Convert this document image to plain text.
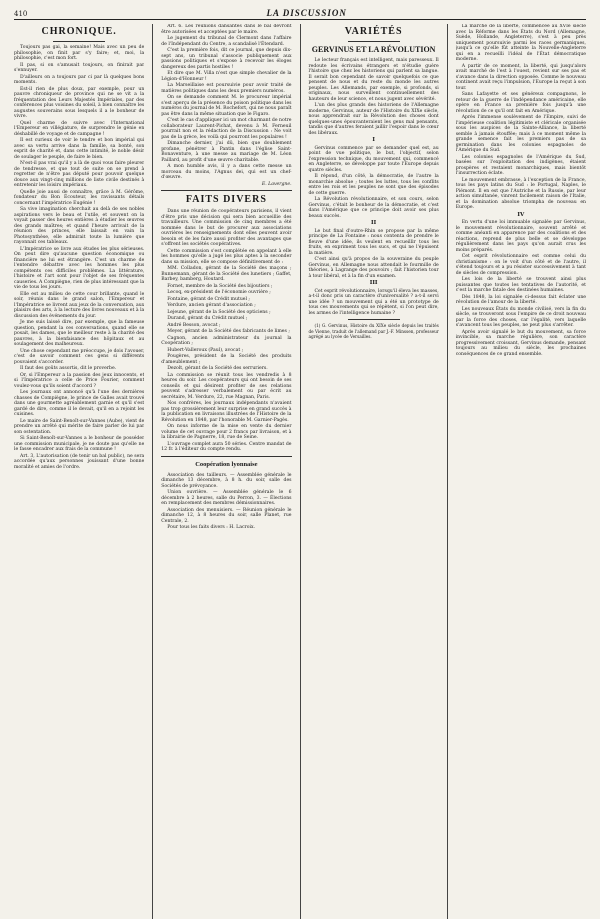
410	LA DISCUSSION
CHRONIQUE.

Toujours pas gai, la semaine! Mais avec un peu de philosophie, on finit par s'y faire; et, moi, la philosophie, c'est mon fort.

Il pas, si on s'amusait toujours, on finirait par s'ennuyer.

D'ailleurs on a toujours par ci par là quelques bons moments.

Est-il rien de plus doux, par exemple, pour un pauvre chroniqueur de province qui ne se vit a la fréquentation des Leurs Majestés Impériales, par des conférences plus voisines du soleil, à bien connaître les augustes souverains sous lesquels il a le bonheur de vivre.

Quel charme de suivre avec l'International l'Empereur en villégiature, de surprendre le génie en déshabillé de voyage et de campagne !

Il est curieux de voir le tendre et bon impérial qui avec sa vertu arrive dans la famille, sa bonté, son esprit de charité et, dans cette intimité, le noble désir de soulager le peuple, de faire le bien.

N'est-il pas vrai qu'il y a là de quoi vous faire pleurer de tendresse, et que tout de suite on se prend à regretter de n'être pas député pour pouvoir quelque douce aux vingt-cinq millions de liste civile destinés à entretenir les loisirs impériaux.

Quelle joie aussi de connaître, grâce à M. Gérôme, fondateur du Bon Écouteur, les ravissants détails concernant l'impératrice Eugénie !

Sa vive imagination cherchait au delà de ses nobles aspirations vers le beau et l'utile, et souvent on la voyait passer des heures entières à étudier les œuvres des grands maîtres; et quand l'heure arrivait de la réunion des princes, elle laissait en vain la Photosynthèse, elle admirait toute la lumière que rayonnait ces tableaux.

L'Impératrice se livre aux études les plus sérieuses. On peut dire qu'aucune question économique ou financière ne lui est étrangère. C'est un charme de l'entendre débattre avec les hommes les plus compétents ces difficiles problèmes. La littérature, l'histoire et l'art sont pour l'objet de ses fréquentes causeries. A Compiègne, rien de plus intéressant que la vie de tous les jours.

Elle est au milieu de cette cour brillante, quand le soir, réunis dans le grand salon, l'Empereur et l'Impératrice se livrent aux jeux de la conversation, aux plaisirs des arts, à la lecture des livres nouveaux et à la discussion des événements du jour.

Je me suis laissé dire, par exemple, que la fameuse question, pendant la ces conversations, quand elle se posait, les dames, que le meilleur reste à la charité des pauvres, à la bienfaisance des hôpitaux et au soulagement des malheureux.

Une chose cependant me préoccupe, je dois l'avouer, c'est de savoir comment ces gens si différents pouvaient s'accorder.

Il faut des goûts assortis, dit le proverbe.

Or, si l'Empereur a la passion des jeux innocents, et si l'Impératrice a celle de Price Fourier, comment voulez-vous qu'ils soient d'accord ?

Les journaux ont annoncé qu'à l'une des dernières chasses de Compiègne, le prince de Galles avait trouvé dans une gourmette agréablement garnie et qu'il s'est gardé de dire, comme il le devait, qu'il en a rejoint les cuisines.

Le maire de Saint-Benoît-sur-Vannes (Aube), vient de prendre un arrêté qui mérite de faire parler de lui par son ostentation.

Si Saint-Benoît-sur-Vannes a le bonheur de posséder une commission municipale, je ne doute pas qu'elle ne le fasse encadrer aux frais de la commune !

Art. 3, L'autorisation (de tenir un bal public), ne sera accordée qu'aux personnes jouissant d'une bonne moralité et amies de l'ordre.

Art. 6. Les réunions dansantes dans le bal devront être autorisées et acceptées par le maire.

Le jugement du tribunal de Clermont dans l'affaire de l'Indépendant du Centre, a scandalisé l'Étendard.

C'est la première fois, dit ce journal, que depuis dix-sept ans, un tribunal s'associe publiquement aux passions politiques et s'expose à recevoir les éloges dangereux des partis hostiles !

Et dire que M. Villa n'est que simple chevalier de la Légion-d'Honneur !

La Marseillaise est poursuivie pour avoir traité de matières politiques dans les deux premiers numéros.

On se demande comment M. le procureur impérial s'est aperçu de la présence du poison politique dans les numéros du journal de M. Rochefort, qui ne nous paraît pas être dans la même situation que le Figaro.

C'est le cas d'appliquer ici un mot charmant de notre collaborateur Laurent-Pichat, devenu à M. Ferneuil pourrait non et la rédaction de la Discussion : Ne voit pas de la grèce, les voilà qui pourront les populaires !

Dimanche dernier, j'ai dû, bien que doublement profane, pénétrer à Pantin dans l'église Saint-Bonaventure, à une messe au mariage de M. Léon Paillard, au profit d'une œuvre charitable.

A mon humble avis, il y a dans cette messe un morceau du moins, l'Agnus dei, qui est un chef-d'œuvre.

E. Lavergne.
FAITS DIVERS

Dans une réunion de coopérateurs parisiens, il vient d'être pris une décision qui sera bien accueillie des travailleurs. Une commission de cinq membres a été nommée dans le but de procurer aux associations ouvrières les renseignements dont elles peuvent avoir besoin et de les faire aussi profiter des avantages que s'offrent les sociétés coopératives.

Cette commission s'est complétée en appelant à elle les hommes qu'elle a jugé les plus aptes à la seconder dans sa mission, elle se compose définitivement de :

MM. Colladon, gérant de la Société des maçons ; Bunnemann, gérant de la Société des lunetiers ; Gaffet, Barbey, bamberg, Houtard.

Fornet, membre de la Société des bijoutiers ;

Lecoq, ex-président de l'économie ouvrière ;

Fontaine, gérant de Crédit mutuel ;

Verdure, ancien gérant d'association ;

Lejeune, gérant de la Société des opticiens ;

Durand, gérant du Crédit mutuel ;

André Besson, avocat ;

Meyer, gérant de la Société des fabricants de limes ;

Cagnon, ancien administrateur du journal la Coopération ;

Hubert-Valleroux (Paul), avocat ;

Pougères, président de la Société des produits d'ameublement ;

Dezolt, gérant de la Société des serruriers.

La commission se réunit tous les vendredis à 8 heures du soir. Les coopérateurs qui ont besoin de ses conseils et qui désirent profiter de ses relations peuvent s'adresser verbalement ou par écrit au secrétaire, M. Verdure, 22, rue Magnan, Paris.

Nos confrères, les journaux indépendants n'avaient pas trop grossièrement leur surprise en grand succès à la publication en livraisons illustrées de l'Histoire de la Révolution en 1848, par l'honorable M. Garnier-Pagès.

On nous informe de la mise en vente du dernier volume de cet ouvrage pour 2 francs par livraison, et à la librairie de Pagnerre, 18, rue de Seine.

L'ouvrage complet aura 50 séries. Centre mandat de 12 fr. à l'éditeur du compte rendu.

Coopération lyonnaise

Association des tailleurs. — Assemblée générale le dimanche 13 décembre, à 8 h. du soir, salle des Sociétés de prévoyance.

Union ouvrière. — Assemblée générale le 6 décembre à 2 heures, salle du Perron, 3. — Élections en remplacement des membres démissionnaires.

Association des menuisiers. — Réunion générale le dimanche 12, à 8 heures du soir, salle Planet, rue Centrale, 2.

Pour tous les faits divers : H. Lacroix.

VARIÉTÉS
GERVINUS ET LA RÉVOLUTION

Le lecteur français est intelligent, mais paresseux. Il redoute les écrivains étrangers et n'étudie guère l'histoire que chez les historiens qui parlent sa langue. Il serait bon cependant de savoir quelquefois ce que pensent de nous et du reste du monde les autres peuples. Les Allemands, par exemple, si profonds, si originaux, nous surveillent continuellement des hauteurs de leur science, et nous jugent avec sévérité.

L'un des plus grands des historiens de l'Allemagne moderne, Gervinus, auteur de l'Histoire du XIXe siècle, nous apprendrait sur la Révolution des choses dont quelques-unes épouvanteraient les gens mal pensants, tandis que d'autres feraient jaillir l'espoir dans le cœur des libéraux.

I

Gervinus commence par se demander quel est, au point de vue politique, le but, l'objectif, selon l'expression technique, du mouvement qui, commencé en Angleterre, se développe par toute l'Europe depuis quatre siècles.

Il répond, d'un côté, la démocratie, de l'autre la monarchie absolue ; toutes les luttes, tous les conflits entre les rois et les peuples ne sont que des épisodes de cette guerre.

La Révolution révolutionnaire, et son cours, selon Gervinus, c'était le bonheur de la démocratie, et c'est dans l'Amérique que ce principe doit avoir ses plus beaux succès.

II

Le but final d'outre-Rhin se propose par la même principe de La Fontaine : nous contenta de prendre le fleuve d'une idée, ils veulent en recueillir tous les fruits, en expriment tous les sucs, et qui ne l'épuisent la matière.

C'est ainsi qu'à propos de la souveraine du peuple Gervinus, en Allemagne nous attendait le fourmille de théories, à Lagrange des pouvoirs ; fait l'historien tour à tour libéral, et à la fin d'un examen.

III

Cet esprit révolutionnaire, lorsqu'il éleva les masses, a-t-il donc pris un caractère d'universalité ? a-t-il servi une idée ? un mouvement qui a été un prototype de tous ces mouvements qui se répètent, si l'on peut dire, les armes de l'intelligence humaine ?

(1) G. Gervinus, Histoire du XIXe siècle depuis les traités de Vienne, traduit de l'allemand par J.-F. Minssen, professeur agrégé au lycée de Versailles.

La marche de la liberté, commencée au XVIe siècle avec la Réforme dans les États du Nord (Allemagne, Suède, Hollande, Angleterre), s'est à peu près uniquement poursuivie parmi les races germaniques, jusqu'à ce qu'elle fût atteinte la Nouvelle-Angleterre qui en a recueilli l'idéal de l'État démocratique moderne.

A partir de ce moment, la liberté, qui jusqu'alors avait marché de l'est à l'ouest, revient sur ses pas et s'avance dans la direction opposée. Comme le nouveau continent avait reçu l'impulsion, l'Europe la reçut à son tour.

Sans Lafayette et ses généreux compagnons, le retour de la guerre de l'indépendance américaine, elle opère en France sa première fois jusqu'à une révolution de ce qu'il ont fait en Amérique.

Après l'immense soulèvement de l'Empire, suivi de l'impérieuse coalition légitimiste et cléricale organisée sous les auspices de la Sainte-Alliance, la liberté semble à jamais étouffée; mais à ce moment même la grande semence fait les premiers pas de sa germination dans les colonies espagnoles de l'Amérique du Sud.

Les colonies espagnoles de l'Amérique du Sud, basées sur l'exploitation des indigènes, étaient prospères et restaient monarchiques, mais bientôt l'insurrection éclate.

Le mouvement embrasse, à l'exception de la France, tous les pays latins du Sud : le Portugal, Naples, le Piémont. Il en est que l'Autriche et la Russie, par leur action simultanée, vinrent facilement raison de l'Italie, et la domination absolue triompha de nouveau en Europe.

IV

En vertu d'une loi immuable signalée par Gervinus, le mouvement révolutionnaire, souvent arrêté et comme anéanti en apparence par des coalitions et des réactions, reprend de plus belle et se développe régulièrement dans les pays qu'on aurait crus les moins préparés.

Cet esprit révolutionnaire est comme celui du christianisme : on le voit d'un côté et de l'autre, il s'étend toujours et a pu résister successivement à tant de siècles de compression.

Les lois de la liberté se trouvent ainsi plus puissantes que toutes les tentatives de l'autorité, et c'est la marche fatale des destinées humaines.

Dès 1848, la loi signalée ci-dessus fait éclater une révolution de l'amour de la liberté.

Les nouveaux États du monde civilisé, vers la fin du siècle, se trouveront sous l'empire de ce droit nouveau par la force des choses, car l'égalité, vers laquelle s'avancent tous les peuples, ne peut plus s'arrêter.

Après avoir signalé le but du mouvement, sa force invincible, sa marche régulière, son caractère progressivement croissant, Gervinus demande, pensant toujours au milieu du siècle, les prochaines conséquences de ce grand ensemble.
